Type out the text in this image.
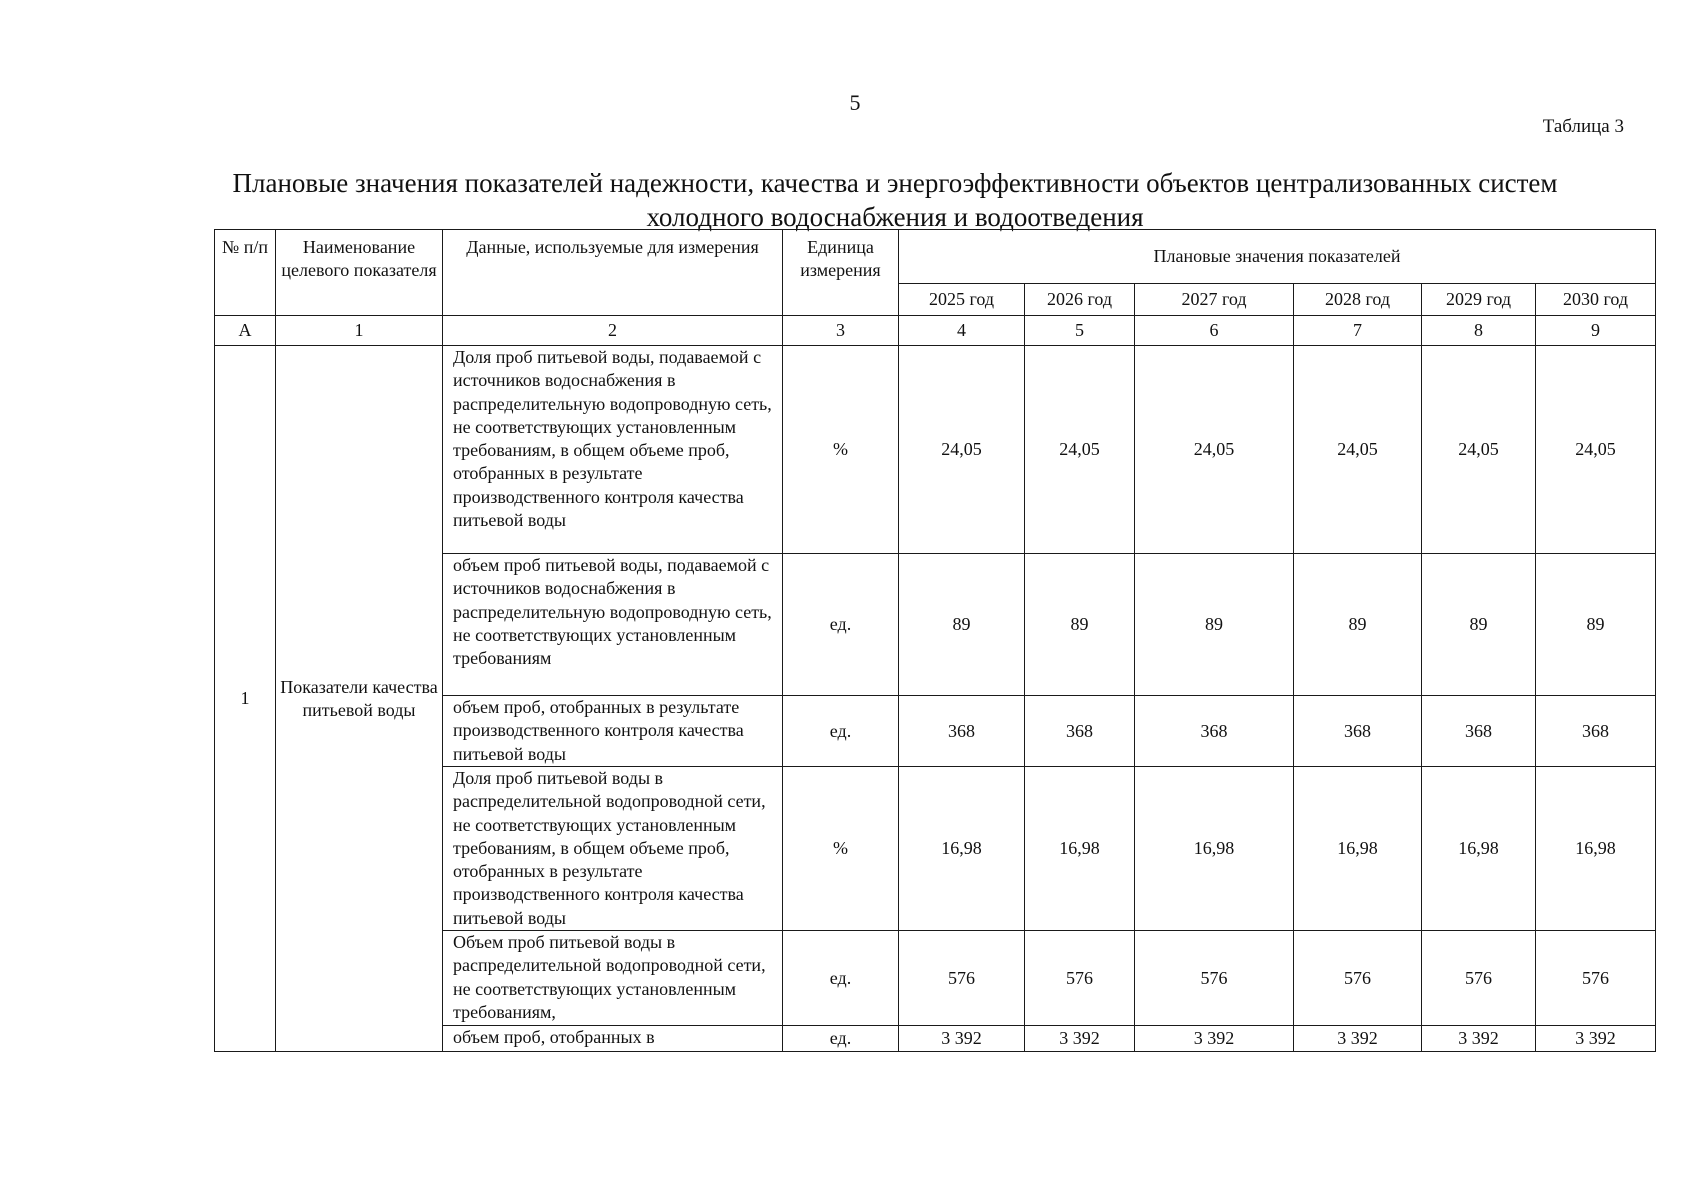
5
Таблица 3
Плановые значения показателей надежности, качества и энергоэффективности объектов централизованных систем
холодного водоснабжения и водоотведения
№ п/п	Наименование целевого показателя	Данные, используемые для измерения	Единица измерения	Плановые значения показателей					
				2025 год	2026 год	2027 год	2028 год	2029 год	2030 год
А	1	2	3	4	5	6	7	8	9
1	Показатели качества питьевой воды	Доля проб питьевой воды, подаваемой с источников водоснабжения в распределительную водопроводную сеть, не соответствующих установленным требованиям, в общем объеме проб, отобранных в результате производственного контроля качества питьевой воды	%	24,05	24,05	24,05	24,05	24,05	24,05
		объем проб питьевой воды, подаваемой с источников водоснабжения в распределительную водопроводную сеть, не соответствующих установленным требованиям	ед.	89	89	89	89	89	89
		объем проб, отобранных в результате производственного контроля качества питьевой воды	ед.	368	368	368	368	368	368
		Доля проб питьевой воды в распределительной водопроводной сети, не соответствующих установленным требованиям, в общем объеме проб, отобранных в результате производственного контроля качества питьевой воды	%	16,98	16,98	16,98	16,98	16,98	16,98
		Объем проб питьевой воды в распределительной водопроводной сети, не соответствующих установленным требованиям,	ед.	576	576	576	576	576	576
		объем проб, отобранных в	ед.	3 392	3 392	3 392	3 392	3 392	3 392
